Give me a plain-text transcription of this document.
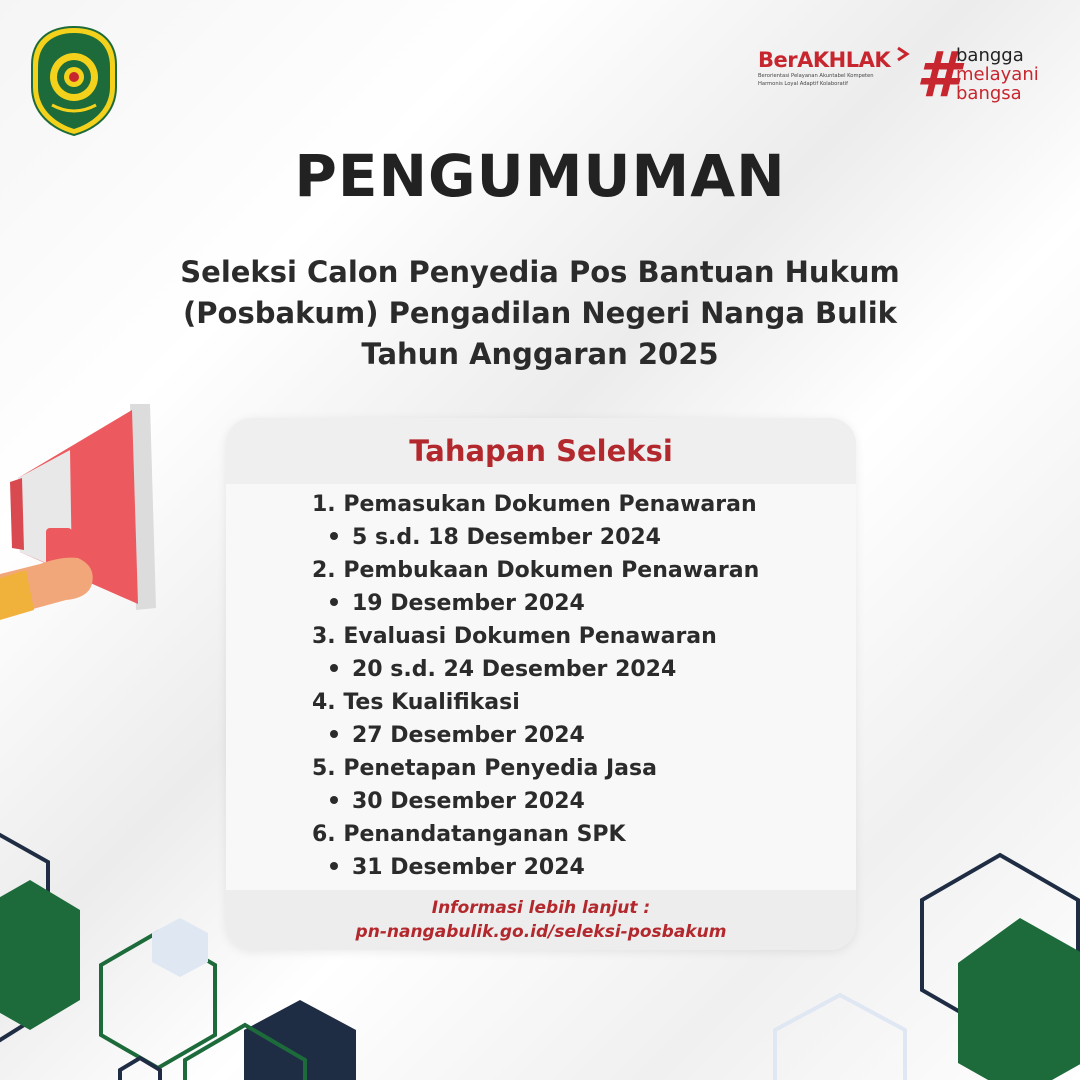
BerAKHLAK
Berorientasi Pelayanan Akuntabel Kompeten
Harmonis Loyal Adaptif Kolaboratif	#
bangga
melayani
bangsa
PENGUMUMAN
Seleksi Calon Penyedia Pos Bantuan Hukum
(Posbakum) Pengadilan Negeri Nanga Bulik
Tahun Anggaran 2025
Tahapan Seleksi
1. Pemasukan Dokumen Penawaran
5 s.d. 18 Desember 2024
2. Pembukaan Dokumen Penawaran
19 Desember 2024
3. Evaluasi Dokumen Penawaran
20 s.d. 24 Desember 2024
4. Tes Kualifikasi
27 Desember 2024
5. Penetapan Penyedia Jasa
30 Desember 2024
6. Penandatanganan SPK
31 Desember 2024
Informasi lebih lanjut :
pn-nangabulik.go.id/seleksi-posbakum
